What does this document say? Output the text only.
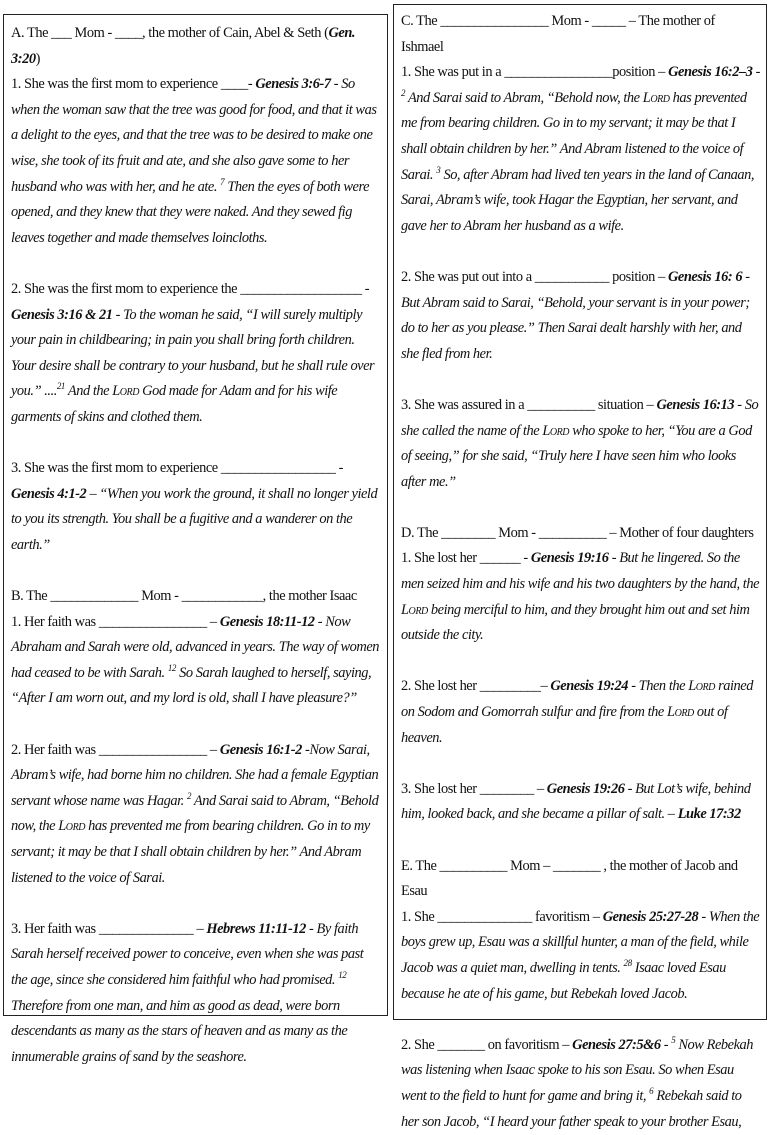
A. The ___ Mom - ____, the mother of Cain, Abel & Seth (Gen. 3:20)

1. She was the first mom to experience ____- Genesis 3:6-7 - So when the woman saw that the tree was good for food, and that it was a delight to the eyes, and that the tree was to be desired to make one wise, she took of its fruit and ate, and she also gave some to her husband who was with her, and he ate. $^7$ Then the eyes of both were opened, and they knew that they were naked. And they sewed fig leaves together and made themselves loincloths.

2. She was the first mom to experience the __________________ - Genesis 3:16 & 21 - To the woman he said, “I will surely multiply your pain in childbearing; in pain you shall bring forth children. Your desire shall be contrary to your husband, but he shall rule over you.” ....$^{21}$ And the Lord God made for Adam and for his wife garments of skins and clothed them.

3. She was the first mom to experience _________________ - Genesis 4:1-2 – “When you work the ground, it shall no longer yield to you its strength. You shall be a fugitive and a wanderer on the earth.”

B. The _____________ Mom - ____________, the mother Isaac

1. Her faith was ________________ – Genesis 18:11-12 - Now Abraham and Sarah were old, advanced in years. The way of women had ceased to be with Sarah. $^{12}$ So Sarah laughed to herself, saying, “After I am worn out, and my lord is old, shall I have pleasure?”

2. Her faith was ________________ – Genesis 16:1-2 -Now Sarai, Abram’s wife, had borne him no children. She had a female Egyptian servant whose name was Hagar. $^2$ And Sarai said to Abram, “Behold now, the Lord has prevented me from bearing children. Go in to my servant; it may be that I shall obtain children by her.” And Abram listened to the voice of Sarai.

3. Her faith was ______________ – Hebrews 11:11-12 - By faith Sarah herself received power to conceive, even when she was past the age, since she considered him faithful who had promised. $^{12}$ Therefore from one man, and him as good as dead, were born descendants as many as the stars of heaven and as many as the innumerable grains of sand by the seashore.

C. The ________________ Mom - _____ – The mother of Ishmael

1. She was put in a ________________position – Genesis 16:2–3 - $^2$ And Sarai said to Abram, “Behold now, the Lord has prevented me from bearing children. Go in to my servant; it may be that I shall obtain children by her.” And Abram listened to the voice of Sarai. $^3$ So, after Abram had lived ten years in the land of Canaan, Sarai, Abram’s wife, took Hagar the Egyptian, her servant, and gave her to Abram her husband as a wife.

2. She was put out into a ___________ position – Genesis 16: 6 - But Abram said to Sarai, “Behold, your servant is in your power; do to her as you please.” Then Sarai dealt harshly with her, and she fled from her.

3. She was assured in a __________ situation – Genesis 16:13 - So she called the name of the Lord who spoke to her, “You are a God of seeing,” for she said, “Truly here I have seen him who looks after me.”

D. The ________ Mom - __________ – Mother of four daughters

1. She lost her ______ - Genesis 19:16 - But he lingered. So the men seized him and his wife and his two daughters by the hand, the Lord being merciful to him, and they brought him out and set him outside the city.

2. She lost her _________– Genesis 19:24 - Then the Lord rained on Sodom and Gomorrah sulfur and fire from the Lord out of heaven.

3. She lost her ________ – Genesis 19:26 - But Lot’s wife, behind him, looked back, and she became a pillar of salt. – Luke 17:32

E. The __________ Mom – _______ , the mother of Jacob and Esau

1. She ______________ favoritism – Genesis 25:27-28 - When the boys grew up, Esau was a skillful hunter, a man of the field, while Jacob was a quiet man, dwelling in tents. $^{28}$ Isaac loved Esau because he ate of his game, but Rebekah loved Jacob.

2. She _______ on favoritism – Genesis 27:5&6 - $^5$ Now Rebekah was listening when Isaac spoke to his son Esau. So when Esau went to the field to hunt for game and bring it, $^6$ Rebekah said to her son Jacob, “I heard your father speak to your brother Esau,
